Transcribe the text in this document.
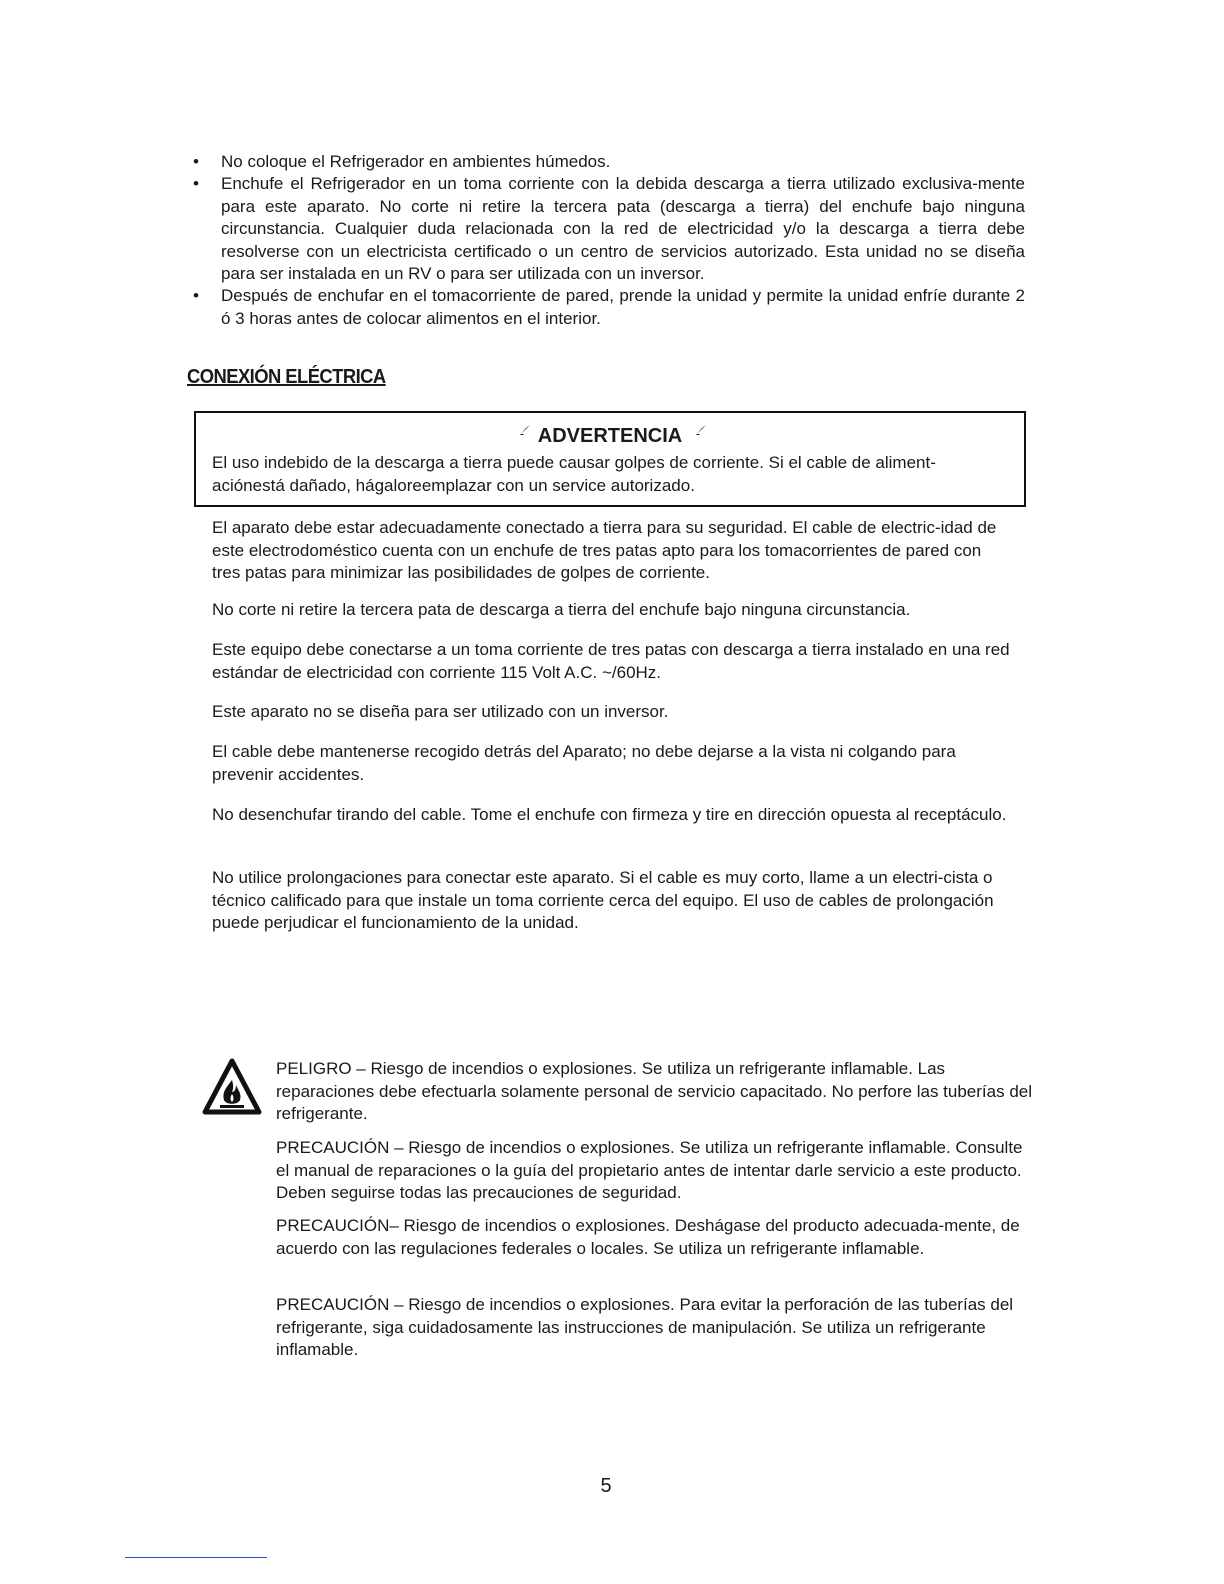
• No coloque el Refrigerador en ambientes húmedos.
• Enchufe el Refrigerador en un toma corriente con la debida descarga a tierra utilizado exclusiva-mente para este aparato. No corte ni retire la tercera pata (descarga a tierra) del enchufe bajo ninguna circunstancia. Cualquier duda relacionada con la red de electricidad y/o la descarga a tierra debe resolverse con un electricista certificado o un centro de servicios autorizado. Esta unidad no se diseña para ser instalada en un RV o para ser utilizada con un inversor.
• Después de enchufar en el tomacorriente de pared, prende la unidad y permite la unidad enfríe durante 2 ó 3 horas antes de colocar alimentos en el interior.
CONEXIÓN ELÉCTRICA
ADVERTENCIA
El uso indebido de la descarga a tierra puede causar golpes de corriente. Si el cable de aliment-
aciónestá dañado, hágaloreemplazar con un service autorizado.

El aparato debe estar adecuadamente conectado a tierra para su seguridad. El cable de electric-idad de este electrodoméstico cuenta con un enchufe de tres patas apto para los tomacorrientes de pared con tres patas para minimizar las posibilidades de golpes de corriente.

No corte ni retire la tercera pata de descarga a tierra del enchufe bajo ninguna circunstancia.

Este equipo debe conectarse a un toma corriente de tres patas con descarga a tierra instalado en una red estándar de electricidad con corriente 115 Volt A.C. ~/60Hz.

Este aparato no se diseña para ser utilizado con un inversor.

El cable debe mantenerse recogido detrás del Aparato; no debe dejarse a la vista ni colgando para prevenir accidentes.

No desenchufar tirando del cable. Tome el enchufe con firmeza y tire en dirección opuesta al receptáculo.

No utilice prolongaciones para conectar este aparato. Si el cable es muy corto, llame a un electri-cista o técnico calificado para que instale un toma corriente cerca del equipo. El uso de cables de prolongación puede perjudicar el funcionamiento de la unidad.

PELIGRO – Riesgo de incendios o explosiones. Se utiliza un refrigerante inflamable. Las reparaciones debe efectuarla solamente personal de servicio capacitado. No perfore las tuberías del refrigerante.

PRECAUCIÓN – Riesgo de incendios o explosiones. Se utiliza un refrigerante inflamable. Consulte el manual de reparaciones o la guía del propietario antes de intentar darle servicio a este producto. Deben seguirse todas las precauciones de seguridad.

PRECAUCIÓN– Riesgo de incendios o explosiones. Deshágase del producto adecuada-mente, de acuerdo con las regulaciones federales o locales. Se utiliza un refrigerante inflamable.

PRECAUCIÓN – Riesgo de incendios o explosiones. Para evitar la perforación de las tuberías del refrigerante, siga cuidadosamente las instrucciones de manipulación. Se utiliza un refrigerante inflamable.

5
